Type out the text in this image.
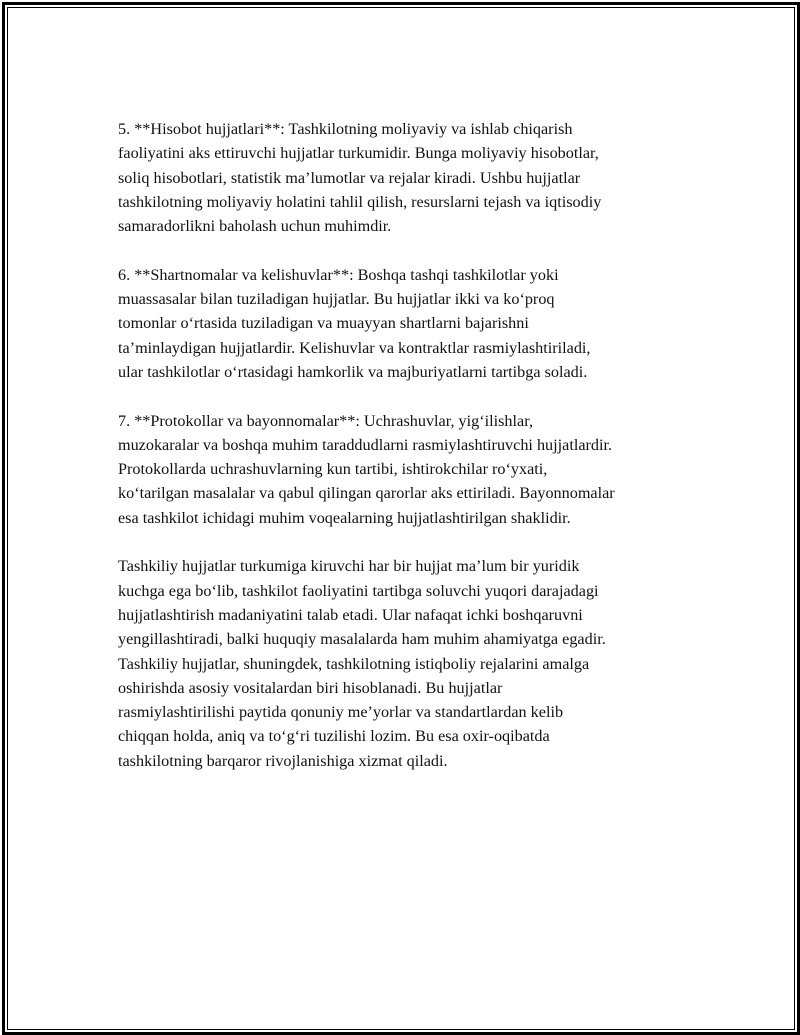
5. **Hisobot hujjatlari**: Tashkilotning moliyaviy va ishlab chiqarish
faoliyatini aks ettiruvchi hujjatlar turkumidir. Bunga moliyaviy hisobotlar,
soliq hisobotlari, statistik maʼlumotlar va rejalar kiradi. Ushbu hujjatlar
tashkilotning moliyaviy holatini tahlil qilish, resurslarni tejash va iqtisodiy
samaradorlikni baholash uchun muhimdir.

6. **Shartnomalar va kelishuvlar**: Boshqa tashqi tashkilotlar yoki
muassasalar bilan tuziladigan hujjatlar. Bu hujjatlar ikki va koʻproq
tomonlar oʻrtasida tuziladigan va muayyan shartlarni bajarishni
taʼminlaydigan hujjatlardir. Kelishuvlar va kontraktlar rasmiylashtiriladi,
ular tashkilotlar oʻrtasidagi hamkorlik va majburiyatlarni tartibga soladi.

7. **Protokollar va bayonnomalar**: Uchrashuvlar, yigʻilishlar,
muzokaralar va boshqa muhim taraddudlarni rasmiylashtiruvchi hujjatlardir.
Protokollarda uchrashuvlarning kun tartibi, ishtirokchilar roʻyxati,
koʻtarilgan masalalar va qabul qilingan qarorlar aks ettiriladi. Bayonnomalar
esa tashkilot ichidagi muhim voqealarning hujjatlashtirilgan shaklidir.

Tashkiliy hujjatlar turkumiga kiruvchi har bir hujjat maʼlum bir yuridik
kuchga ega boʻlib, tashkilot faoliyatini tartibga soluvchi yuqori darajadagi
hujjatlashtirish madaniyatini talab etadi. Ular nafaqat ichki boshqaruvni
yengillashtiradi, balki huquqiy masalalarda ham muhim ahamiyatga egadir.
Tashkiliy hujjatlar, shuningdek, tashkilotning istiqboliy rejalarini amalga
oshirishda asosiy vositalardan biri hisoblanadi. Bu hujjatlar
rasmiylashtirilishi paytida qonuniy meʼyorlar va standartlardan kelib
chiqqan holda, aniq va toʻgʻri tuzilishi lozim. Bu esa oxir-oqibatda
tashkilotning barqaror rivojlanishiga xizmat qiladi.
